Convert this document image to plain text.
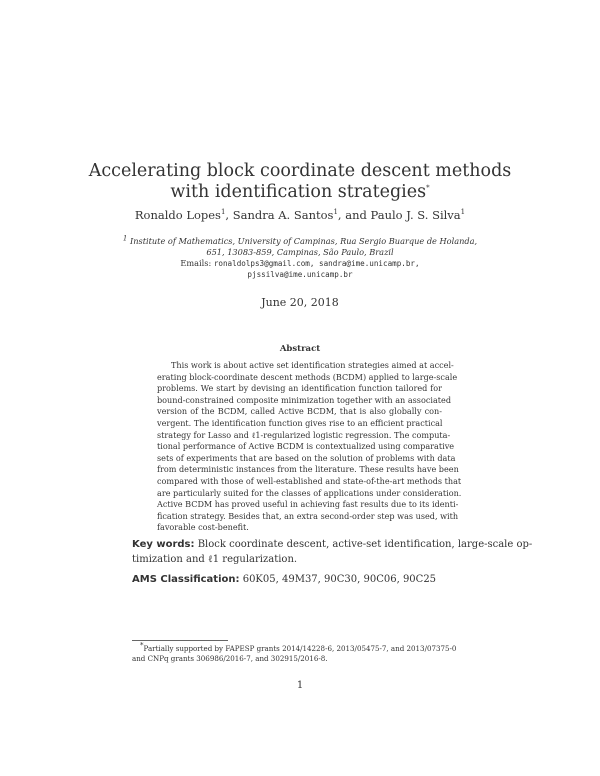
Accelerating block coordinate descent methods
with identification strategies*
Ronaldo Lopes$^1$, Sandra A. Santos$^1$, and Paulo J. S. Silva$^1$
$^1$ Institute of Mathematics, University of Campinas, Rua Sergio Buarque de Holanda,
651, 13083-859, Campinas, São Paulo, Brazil
Emails: ronaldolps3@gmail.com, sandra@ime.unicamp.br,
pjssilva@ime.unicamp.br
June 20, 2018
Abstract
This work is about active set identification strategies aimed at accel-
erating block-coordinate descent methods (BCDM) applied to large-scale
problems. We start by devising an identification function tailored for
bound-constrained composite minimization together with an associated
version of the BCDM, called Active BCDM, that is also globally con-
vergent. The identification function gives rise to an efficient practical
strategy for Lasso and ℓ1-regularized logistic regression. The computa-
tional performance of Active BCDM is contextualized using comparative
sets of experiments that are based on the solution of problems with data
from deterministic instances from the literature. These results have been
compared with those of well-established and state-of-the-art methods that
are particularly suited for the classes of applications under consideration.
Active BCDM has proved useful in achieving fast results due to its identi-
fication strategy. Besides that, an extra second-order step was used, with
favorable cost-benefit.
Key words: Block coordinate descent, active-set identification, large-scale op-
timization and ℓ1 regularization.
AMS Classification: 60K05, 49M37, 90C30, 90C06, 90C25
*Partially supported by FAPESP grants 2014/14228-6, 2013/05475-7, and 2013/07375-0
and CNPq grants 306986/2016-7, and 302915/2016-8.
1
